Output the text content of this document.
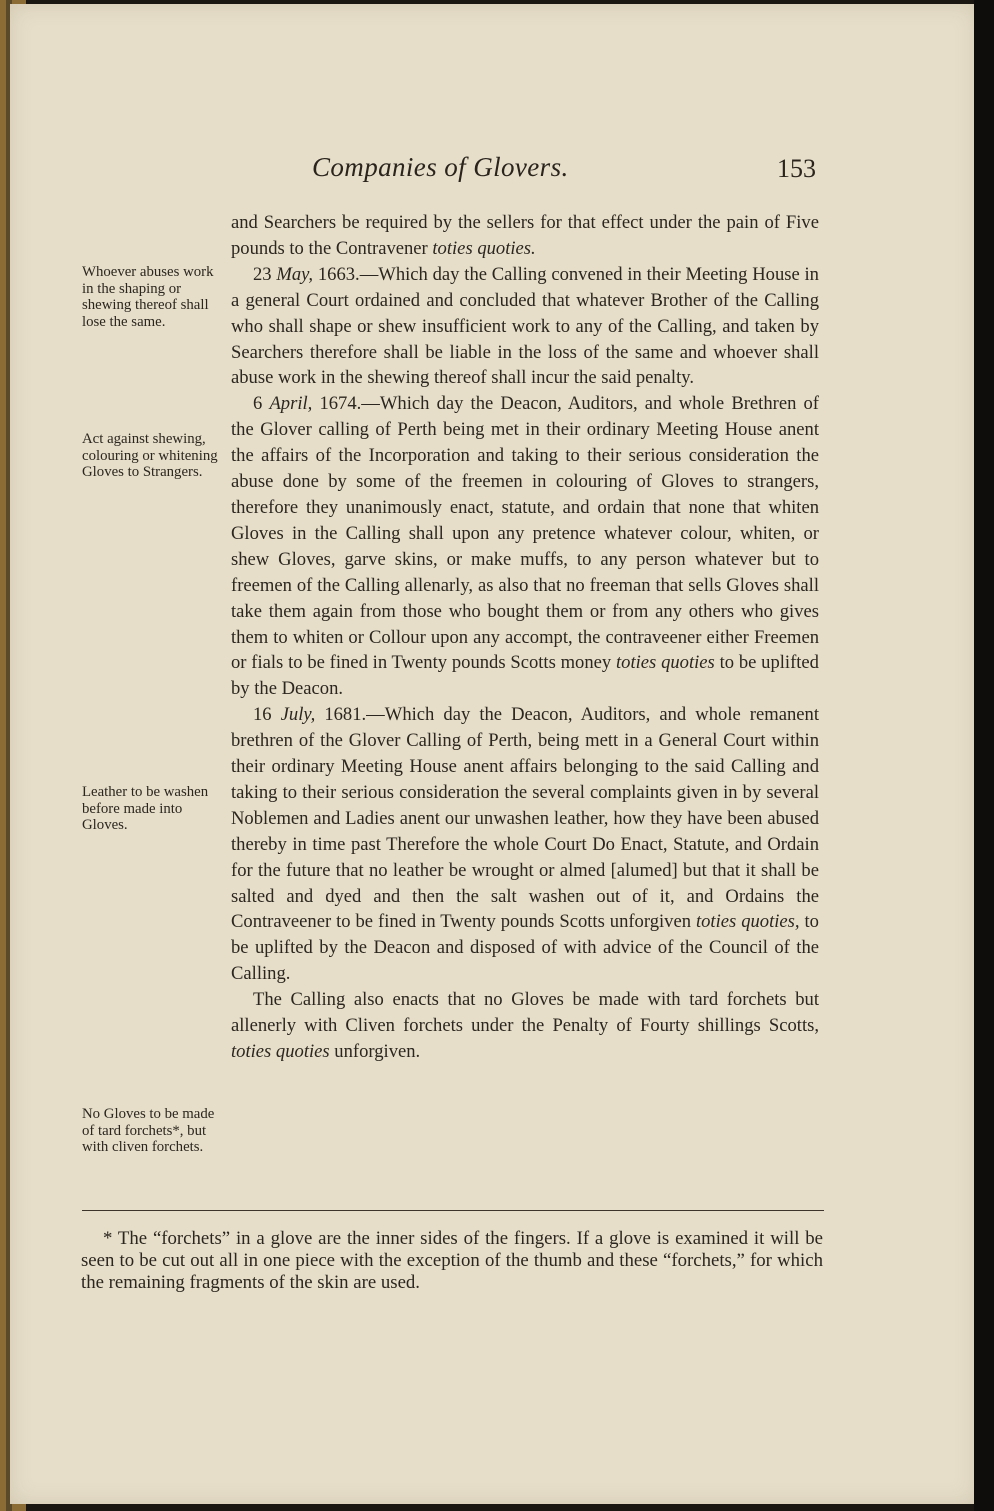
Companies of Glovers.	153
Whoever abuses work in the shaping or shewing thereof shall lose the same.
Act against shewing, colouring or whitening Gloves to Strangers.
Leather to be washen before made into Gloves.
No Gloves to be made of tard forchets*, but with cliven forchets.

and Searchers be required by the sellers for that effect under the pain of Five pounds to the Contravener toties quoties.

23 May, 1663.—Which day the Calling convened in their Meeting House in a general Court ordained and concluded that whatever Brother of the Calling who shall shape or shew insufficient work to any of the Calling, and taken by Searchers therefore shall be liable in the loss of the same and whoever shall abuse work in the shewing thereof shall incur the said penalty.

6 April, 1674.—Which day the Deacon, Auditors, and whole Brethren of the Glover calling of Perth being met in their ordinary Meeting House anent the affairs of the Incorporation and taking to their serious consideration the abuse done by some of the freemen in colouring of Gloves to strangers, therefore they unanimously enact, statute, and ordain that none that whiten Gloves in the Calling shall upon any pretence whatever colour, whiten, or shew Gloves, garve skins, or make muffs, to any person whatever but to freemen of the Calling allenarly, as also that no freeman that sells Gloves shall take them again from those who bought them or from any others who gives them to whiten or Collour upon any accompt, the contraveener either Freemen or fials to be fined in Twenty pounds Scotts money toties quoties to be uplifted by the Deacon.

16 July, 1681.—Which day the Deacon, Auditors, and whole remanent brethren of the Glover Calling of Perth, being mett in a General Court within their ordinary Meeting House anent affairs belonging to the said Calling and taking to their serious consideration the several complaints given in by several Noblemen and Ladies anent our unwashen leather, how they have been abused thereby in time past Therefore the whole Court Do Enact, Statute, and Ordain for the future that no leather be wrought or almed [alumed] but that it shall be salted and dyed and then the salt washen out of it, and Ordains the Contraveener to be fined in Twenty pounds Scotts unforgiven toties quoties, to be uplifted by the Deacon and disposed of with advice of the Council of the Calling.

The Calling also enacts that no Gloves be made with tard forchets but allenerly with Cliven forchets under the Penalty of Fourty shillings Scotts, toties quoties unforgiven.

* The “forchets” in a glove are the inner sides of the fingers. If a glove is examined it will be seen to be cut out all in one piece with the exception of the thumb and these “forchets,” for which the remaining fragments of the skin are used.
